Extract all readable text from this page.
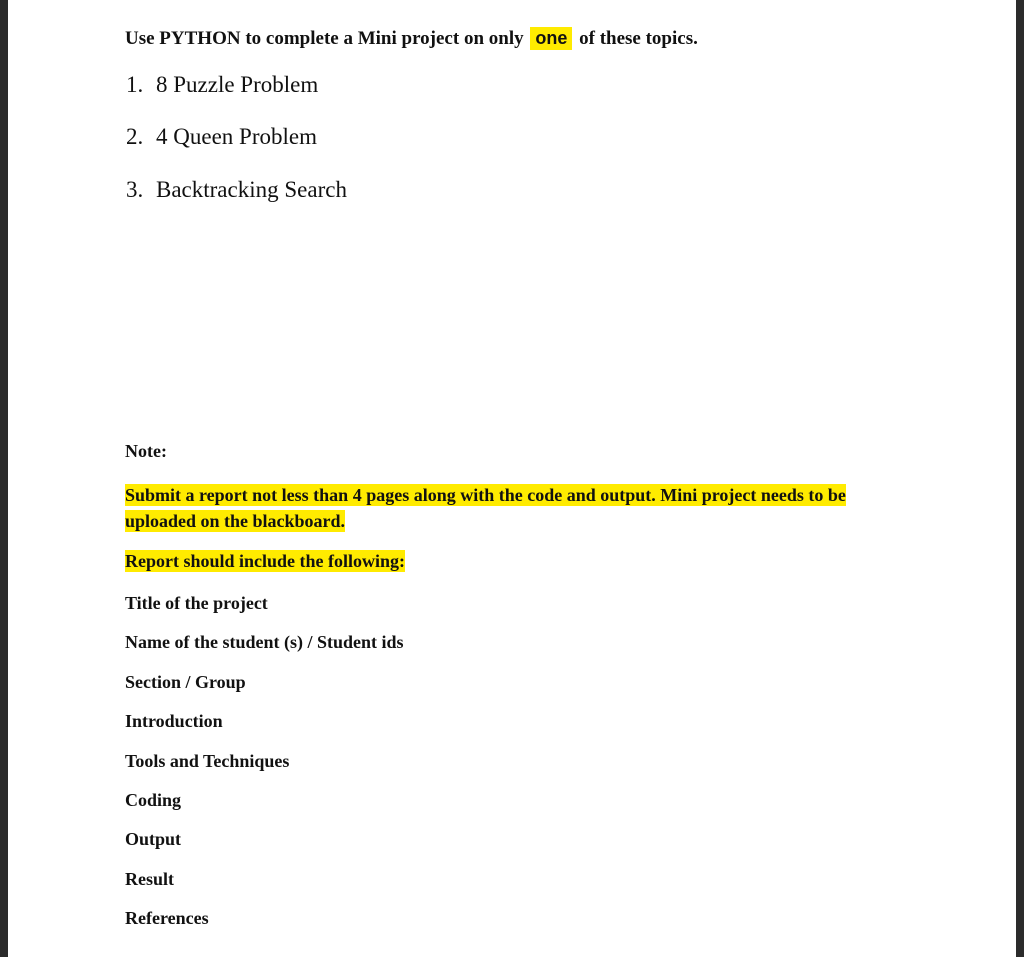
Use PYTHON to complete a Mini project on only one of these topics.
1. 8 Puzzle Problem
2. 4 Queen Problem
3. Backtracking Search
Note:
Submit a report not less than 4 pages along with the code and output. Mini project needs to be uploaded on the blackboard.
Report should include the following:
Title of the project
Name of the student (s) / Student ids
Section / Group
Introduction
Tools and Techniques
Coding
Output
Result
References
